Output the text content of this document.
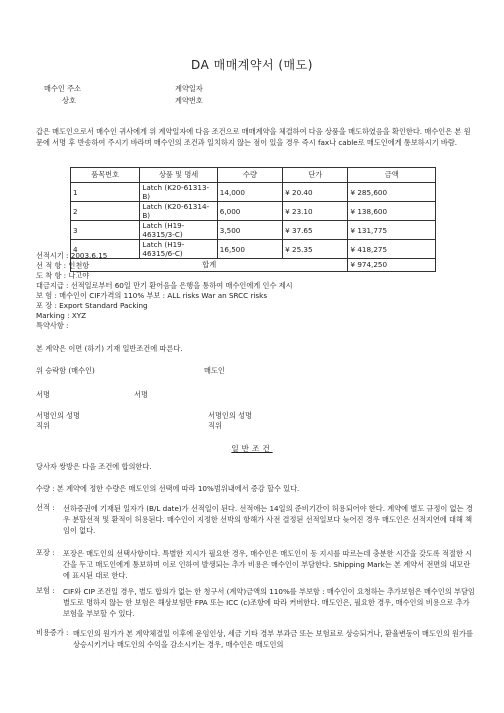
DA 매매계약서 (매도)
매수인 주소	계약일자
상호	계약번호
갑은 매도인으로서 매수인 귀사에게 위 계약일자에 다음 조건으로 매매계약을 체결하여 다음 상품을 매도하였음을 확인한다. 매수인은 본 원문에 서명 후 반송하여 주시기 바라며 매수인의 조건과 일치하지 않는 점이 있을 경우 즉시 fax나 cable로 매도인에게 통보하시기 바람.
품목번호	상품 및 명세	수량	단가	금액
1	Latch (K20-61313-B)	14,000	¥ 20.40	¥ 285,600
2	Latch (K20-61314-B)	6,000	¥ 23.10	¥ 138,600
3	Latch (H19-46315/3-C)	3,500	¥ 37.65	¥ 131,775
4	Latch (H19-46315/6-C)	16,500	¥ 25.35	¥ 418,275
합계				¥ 974,250
선적시기 : 2003.6.15
선 적 항 : 인천항
도 착 항 : 나고야
대금지급 : 선적일로부터 60일 만기 환어음을 은행을 통하여 매수인에게 인수 제시
보 험 : 매수인이 CIF가격의 110% 부보 : ALL risks War an SRCC risks
포 장 : Export Standard Packing
Marking : XYZ
특약사항 :
본 계약은 이면 (하기) 기재 일반조건에 따른다.
위 승락함 (매수인)	매도인
서명	서명
서명인의 성명	서명인의 성명
직위	직위
일반조건
당사자 쌍방은 다음 조건에 합의한다.
수량 : 본 계약에 정한 수량은 매도인의 선택에 따라 10%범위내에서 증감 할수 있다.
선적 : 선하증권에 기재된 일자가 (B/L date)가 선적일이 된다. 선적에는 14일의 준비기간이 허용되어야 한다. 계약에 별도 규정이 없는 경우 분할선적 및 환적이 허용된다. 매수인이 지정한 선박의 항해가 사전 결정된 선적일보다 늦어진 경우 매도인은 선적지연에 대해 책임이 없다.
포장 : 포장은 매도인의 선택사항이다. 특별한 지시가 필요한 경우, 매수인은 매도인이 동 지시를 따르는데 충분한 시간을 갖도록 적절한 시간을 두고 매도인에게 통보하며 이로 인하여 발생되는 추가 비용은 매수인이 부담한다. Shipping Mark는 본 계약서 전면의 내모란에 표시된 대로 한다.
보험 : CIF와 CIP 조건일 경우, 별도 합의가 없는 한 청구서 (계약)금액의 110%를 부보함 : 매수인이 요청하는 추가보험은 매수인의 부담임 별도로 명하지 않는 한 보험은 해상보험만 FPA 또는 ICC (c)조항에 따라 커버한다. 매도인은, 필요한 경우, 매수인의 비용으로 추가보험을 부보할 수 있다.
비용증가 : 매도인의 원가가 본 계약체결일 이후에 운임인상, 세금 기타 경부 부과금 또는 보험료로 상승되거나, 환율변동이 매도인의 원가를 상승시키거나 매도인의 수익을 감소시키는 경우, 매수인은 매도인의
